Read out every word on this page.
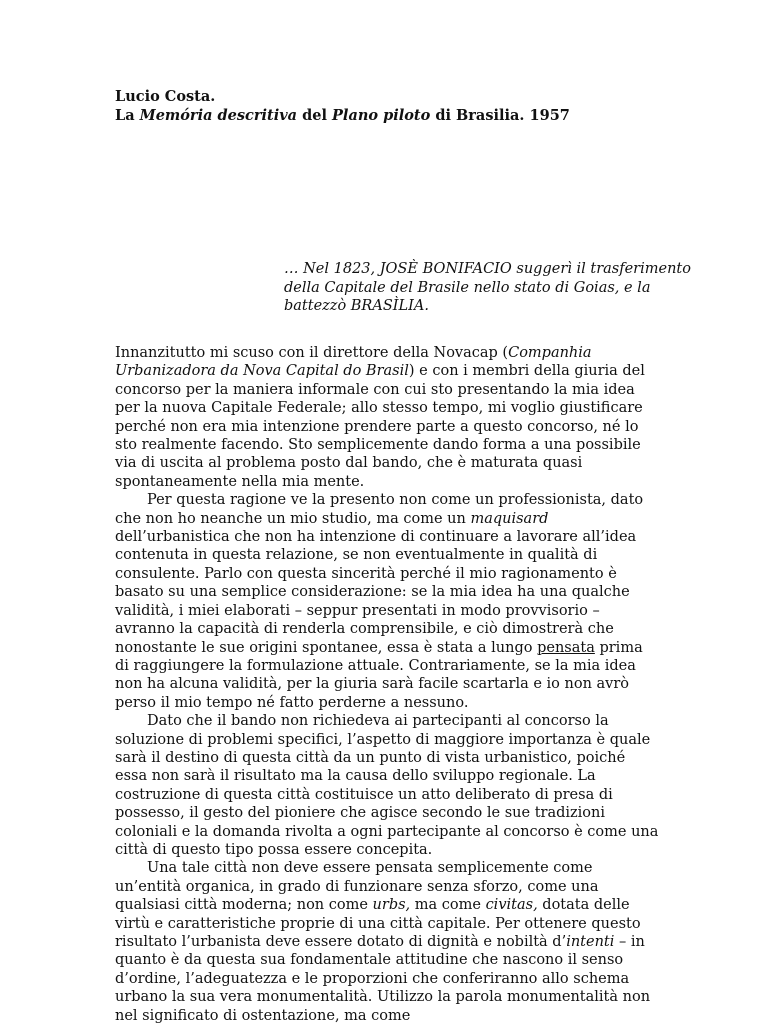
Lucio Costa.
La Memória descritiva del Plano piloto di Brasilia. 1957
… Nel 1823, JOSÈ BONIFACIO suggerì il trasferimento della Capitale del Brasile nello stato di Goias, e la battezzò BRASÌLIA.

Innanzitutto mi scuso con il direttore della Novacap (Companhia Urbanizadora da Nova Capital do Brasil) e con i membri della giuria del concorso per la maniera informale con cui sto presentando la mia idea per la nuova Capitale Federale; allo stesso tempo, mi voglio giustificare perché non era mia intenzione prendere parte a questo concorso, né lo sto realmente facendo. Sto semplicemente dando forma a una possibile via di uscita al problema posto dal bando, che è maturata quasi spontaneamente nella mia mente.

Per questa ragione ve la presento non come un professionista, dato che non ho neanche un mio studio, ma come un maquisard dell’urbanistica che non ha intenzione di continuare a lavorare all’idea contenuta in questa relazione, se non eventualmente in qualità di consulente. Parlo con questa sincerità perché il mio ragionamento è basato su una semplice considerazione: se la mia idea ha una qualche validità, i miei elaborati – seppur presentati in modo provvisorio – avranno la capacità di renderla comprensibile, e ciò dimostrerà che nonostante le sue origini spontanee, essa è stata a lungo pensata prima di raggiungere la formulazione attuale. Contrariamente, se la mia idea non ha alcuna validità, per la giuria sarà facile scartarla e io non avrò perso il mio tempo né fatto perderne a nessuno.

Dato che il bando non richiedeva ai partecipanti al concorso la soluzione di problemi specifici, l’aspetto di maggiore importanza è quale sarà il destino di questa città da un punto di vista urbanistico, poiché essa non sarà il risultato ma la causa dello sviluppo regionale. La costruzione di questa città costituisce un atto deliberato di presa di possesso, il gesto del pioniere che agisce secondo le sue tradizioni coloniali e la domanda rivolta a ogni partecipante al concorso è come una città di questo tipo possa essere concepita.

Una tale città non deve essere pensata semplicemente come un’entità organica, in grado di funzionare senza sforzo, come una qualsiasi città moderna; non come urbs, ma come civitas, dotata delle virtù e caratteristiche proprie di una città capitale. Per ottenere questo risultato l’urbanista deve essere dotato di dignità e nobiltà d’intenti – in quanto è da questa sua fondamentale attitudine che nascono il senso d’ordine, l’adeguatezza e le proporzioni che conferiranno allo schema urbano la sua vera monumentalità. Utilizzo la parola monumentalità non nel significato di ostentazione, ma come
